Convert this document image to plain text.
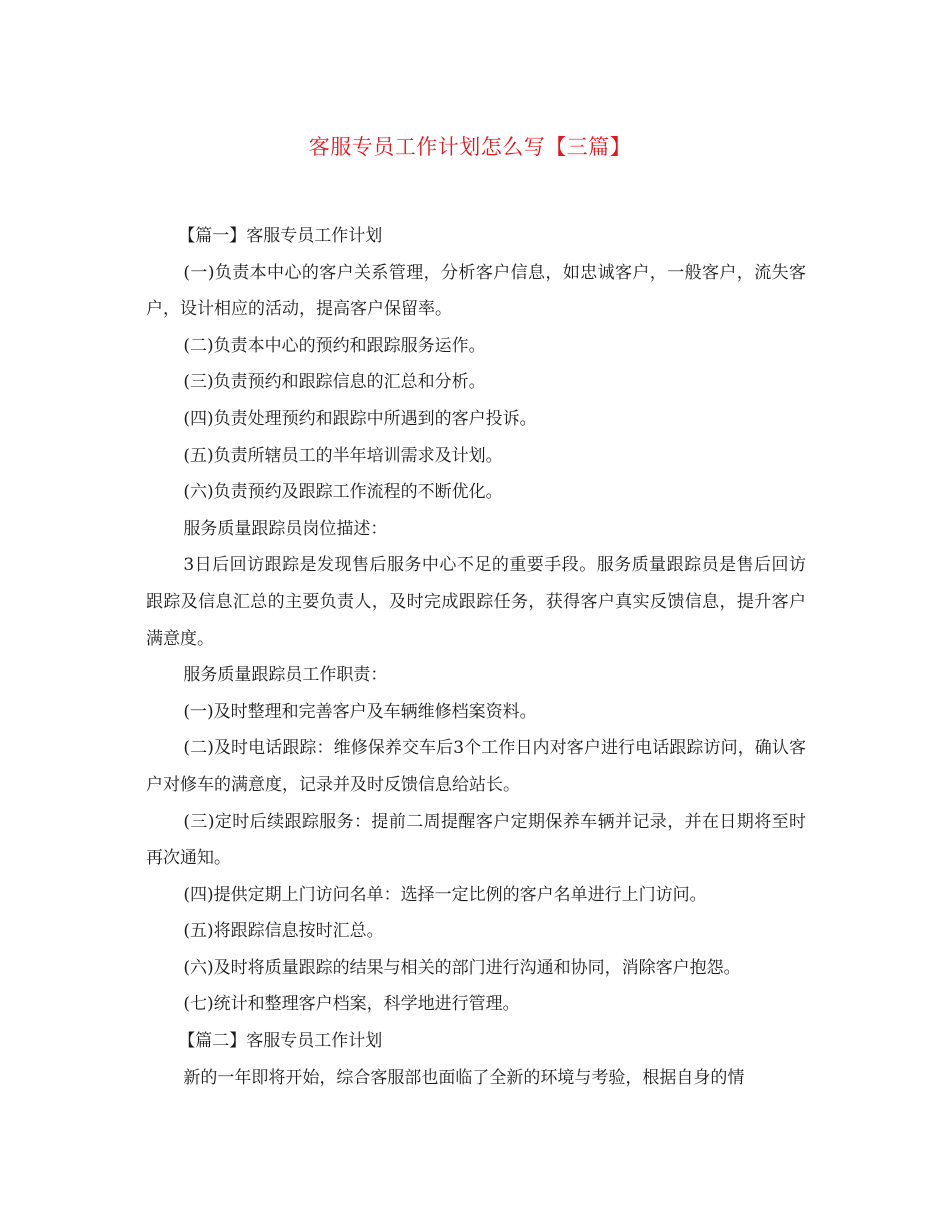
客服专员工作计划怎么写【三篇】

【篇一】客服专员工作计划

(一)负责本中心的客户关系管理，分析客户信息，如忠诚客户，一般客户，流失客户，设计相应的活动，提高客户保留率。

(二)负责本中心的预约和跟踪服务运作。

(三)负责预约和跟踪信息的汇总和分析。

(四)负责处理预约和跟踪中所遇到的客户投诉。

(五)负责所辖员工的半年培训需求及计划。

(六)负责预约及跟踪工作流程的不断优化。

服务质量跟踪员岗位描述：

3日后回访跟踪是发现售后服务中心不足的重要手段。服务质量跟踪员是售后回访跟踪及信息汇总的主要负责人，及时完成跟踪任务，获得客户真实反馈信息，提升客户满意度。

服务质量跟踪员工作职责：

(一)及时整理和完善客户及车辆维修档案资料。

(二)及时电话跟踪：维修保养交车后3个工作日内对客户进行电话跟踪访问，确认客户对修车的满意度，记录并及时反馈信息给站长。

(三)定时后续跟踪服务：提前二周提醒客户定期保养车辆并记录，并在日期将至时再次通知。

(四)提供定期上门访问名单：选择一定比例的客户名单进行上门访问。

(五)将跟踪信息按时汇总。

(六)及时将质量跟踪的结果与相关的部门进行沟通和协同，消除客户抱怨。

(七)统计和整理客户档案，科学地进行管理。

【篇二】客服专员工作计划

新的一年即将开始，综合客服部也面临了全新的环境与考验，根据自身的情
